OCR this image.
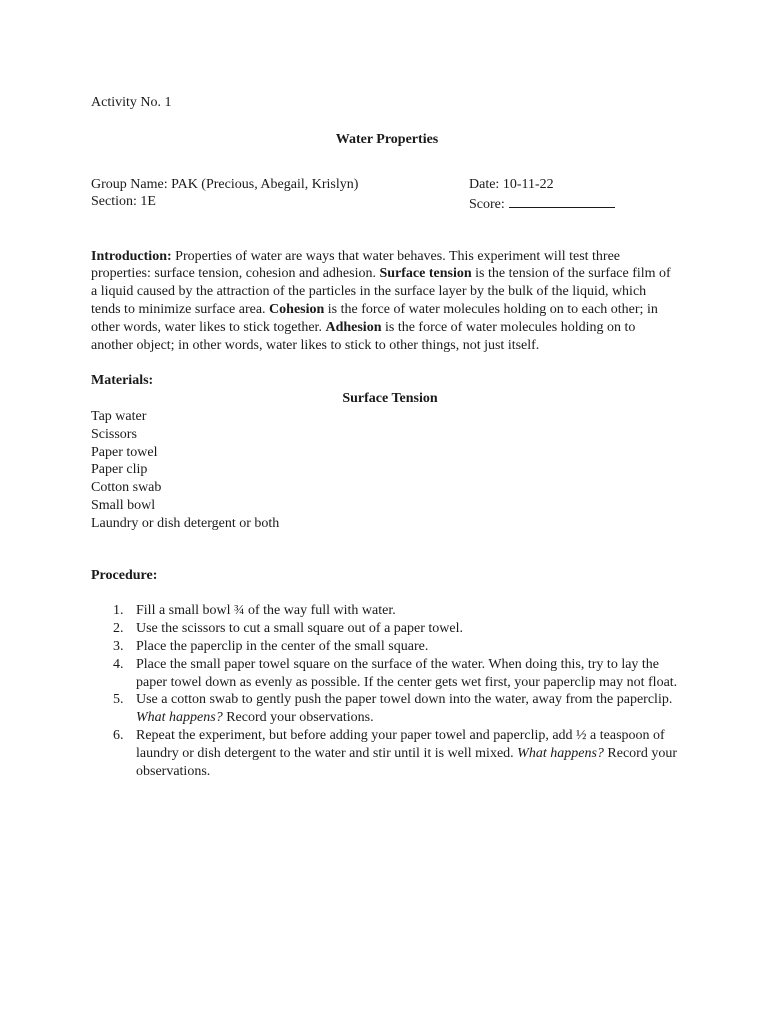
Activity No. 1
Water Properties
Group Name: PAK (Precious, Abegail, Krislyn)
Section: 1E
Date: 10-11-22
Score:
Introduction: Properties of water are ways that water behaves. This experiment will test three properties: surface tension, cohesion and adhesion. Surface tension is the tension of the surface film of a liquid caused by the attraction of the particles in the surface layer by the bulk of the liquid, which tends to minimize surface area. Cohesion is the force of water molecules holding on to each other; in other words, water likes to stick together. Adhesion is the force of water molecules holding on to another object; in other words, water likes to stick to other things, not just itself.
Materials:
Surface Tension
Tap water
Scissors
Paper towel
Paper clip
Cotton swab
Small bowl
Laundry or dish detergent or both
Procedure:
1. Fill a small bowl ¾ of the way full with water.
2. Use the scissors to cut a small square out of a paper towel.
3. Place the paperclip in the center of the small square.
4. Place the small paper towel square on the surface of the water. When doing this, try to lay the paper towel down as evenly as possible. If the center gets wet first, your paperclip may not float.
5. Use a cotton swab to gently push the paper towel down into the water, away from the paperclip. What happens? Record your observations.
6. Repeat the experiment, but before adding your paper towel and paperclip, add ½ a teaspoon of laundry or dish detergent to the water and stir until it is well mixed. What happens? Record your observations.
